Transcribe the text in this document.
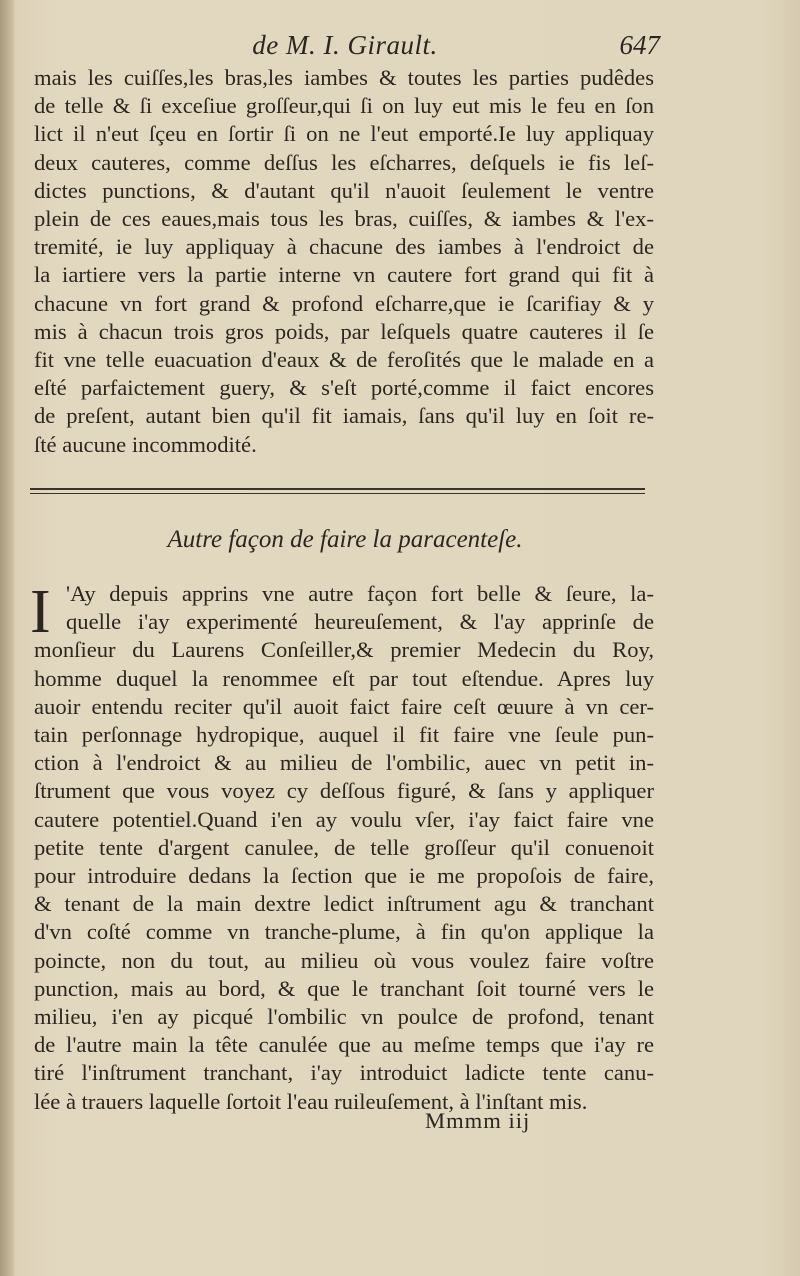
de M. I. Girault.	647

mais les cuiſſes,les bras,les iambes & toutes les parties pudêdes
de telle & ſi exceſiue groſſeur,qui ſi on luy eut mis le feu en ſon
lict il n'eut ſçeu en ſortir ſi on ne l'eut emporté.Ie luy appliquay
deux cauteres, comme deſſus les eſcharres, deſquels ie fis leſ-
dictes punctions, & d'autant qu'il n'auoit ſeulement le ventre
plein de ces eaues,mais tous les bras, cuiſſes, & iambes & l'ex-
tremité, ie luy appliquay à chacune des iambes à l'endroict de
la iartiere vers la partie interne vn cautere fort grand qui fit à
chacune vn fort grand & profond eſcharre,que ie ſcarifiay & y
mis à chacun trois gros poids, par leſquels quatre cauteres il ſe
fit vne telle euacuation d'eaux & de feroſités que le malade en a
eſté parfaictement guery, & s'eſt porté,comme il faict encores
de preſent, autant bien qu'il fit iamais, ſans qu'il luy en ſoit re-
ſté aucune incommodité.

Autre façon de faire la paracenteſe.
I 'Ay depuis apprins vne autre façon fort belle & ſeure, la-
quelle i'ay experimenté heureuſement, & l'ay apprinſe de
monſieur du Laurens Conſeiller,& premier Medecin du Roy,
homme duquel la renommee eſt par tout eſtendue. Apres luy
auoir entendu reciter qu'il auoit faict faire ceſt œuure à vn cer-
tain perſonnage hydropique, auquel il fit faire vne ſeule pun-
ction à l'endroict & au milieu de l'ombilic, auec vn petit in-
ſtrument que vous voyez cy deſſous figuré, & ſans y appliquer
cautere potentiel.Quand i'en ay voulu vſer, i'ay faict faire vne
petite tente d'argent canulee, de telle groſſeur qu'il conuenoit
pour introduire dedans la ſection que ie me propoſois de faire,
& tenant de la main dextre ledict inſtrument agu & tranchant
d'vn coſté comme vn tranche-plume, à fin qu'on applique la
poincte, non du tout, au milieu où vous voulez faire voſtre
punction, mais au bord, & que le tranchant ſoit tourné vers le
milieu, i'en ay picqué l'ombilic vn poulce de profond, tenant
de l'autre main la tête canulée que au meſme temps que i'ay re
tiré l'inſtrument tranchant, i'ay introduict ladicte tente canu-
lée à trauers laquelle ſortoit l'eau ruileuſement, à l'inſtant mis.

Mmmm iij
